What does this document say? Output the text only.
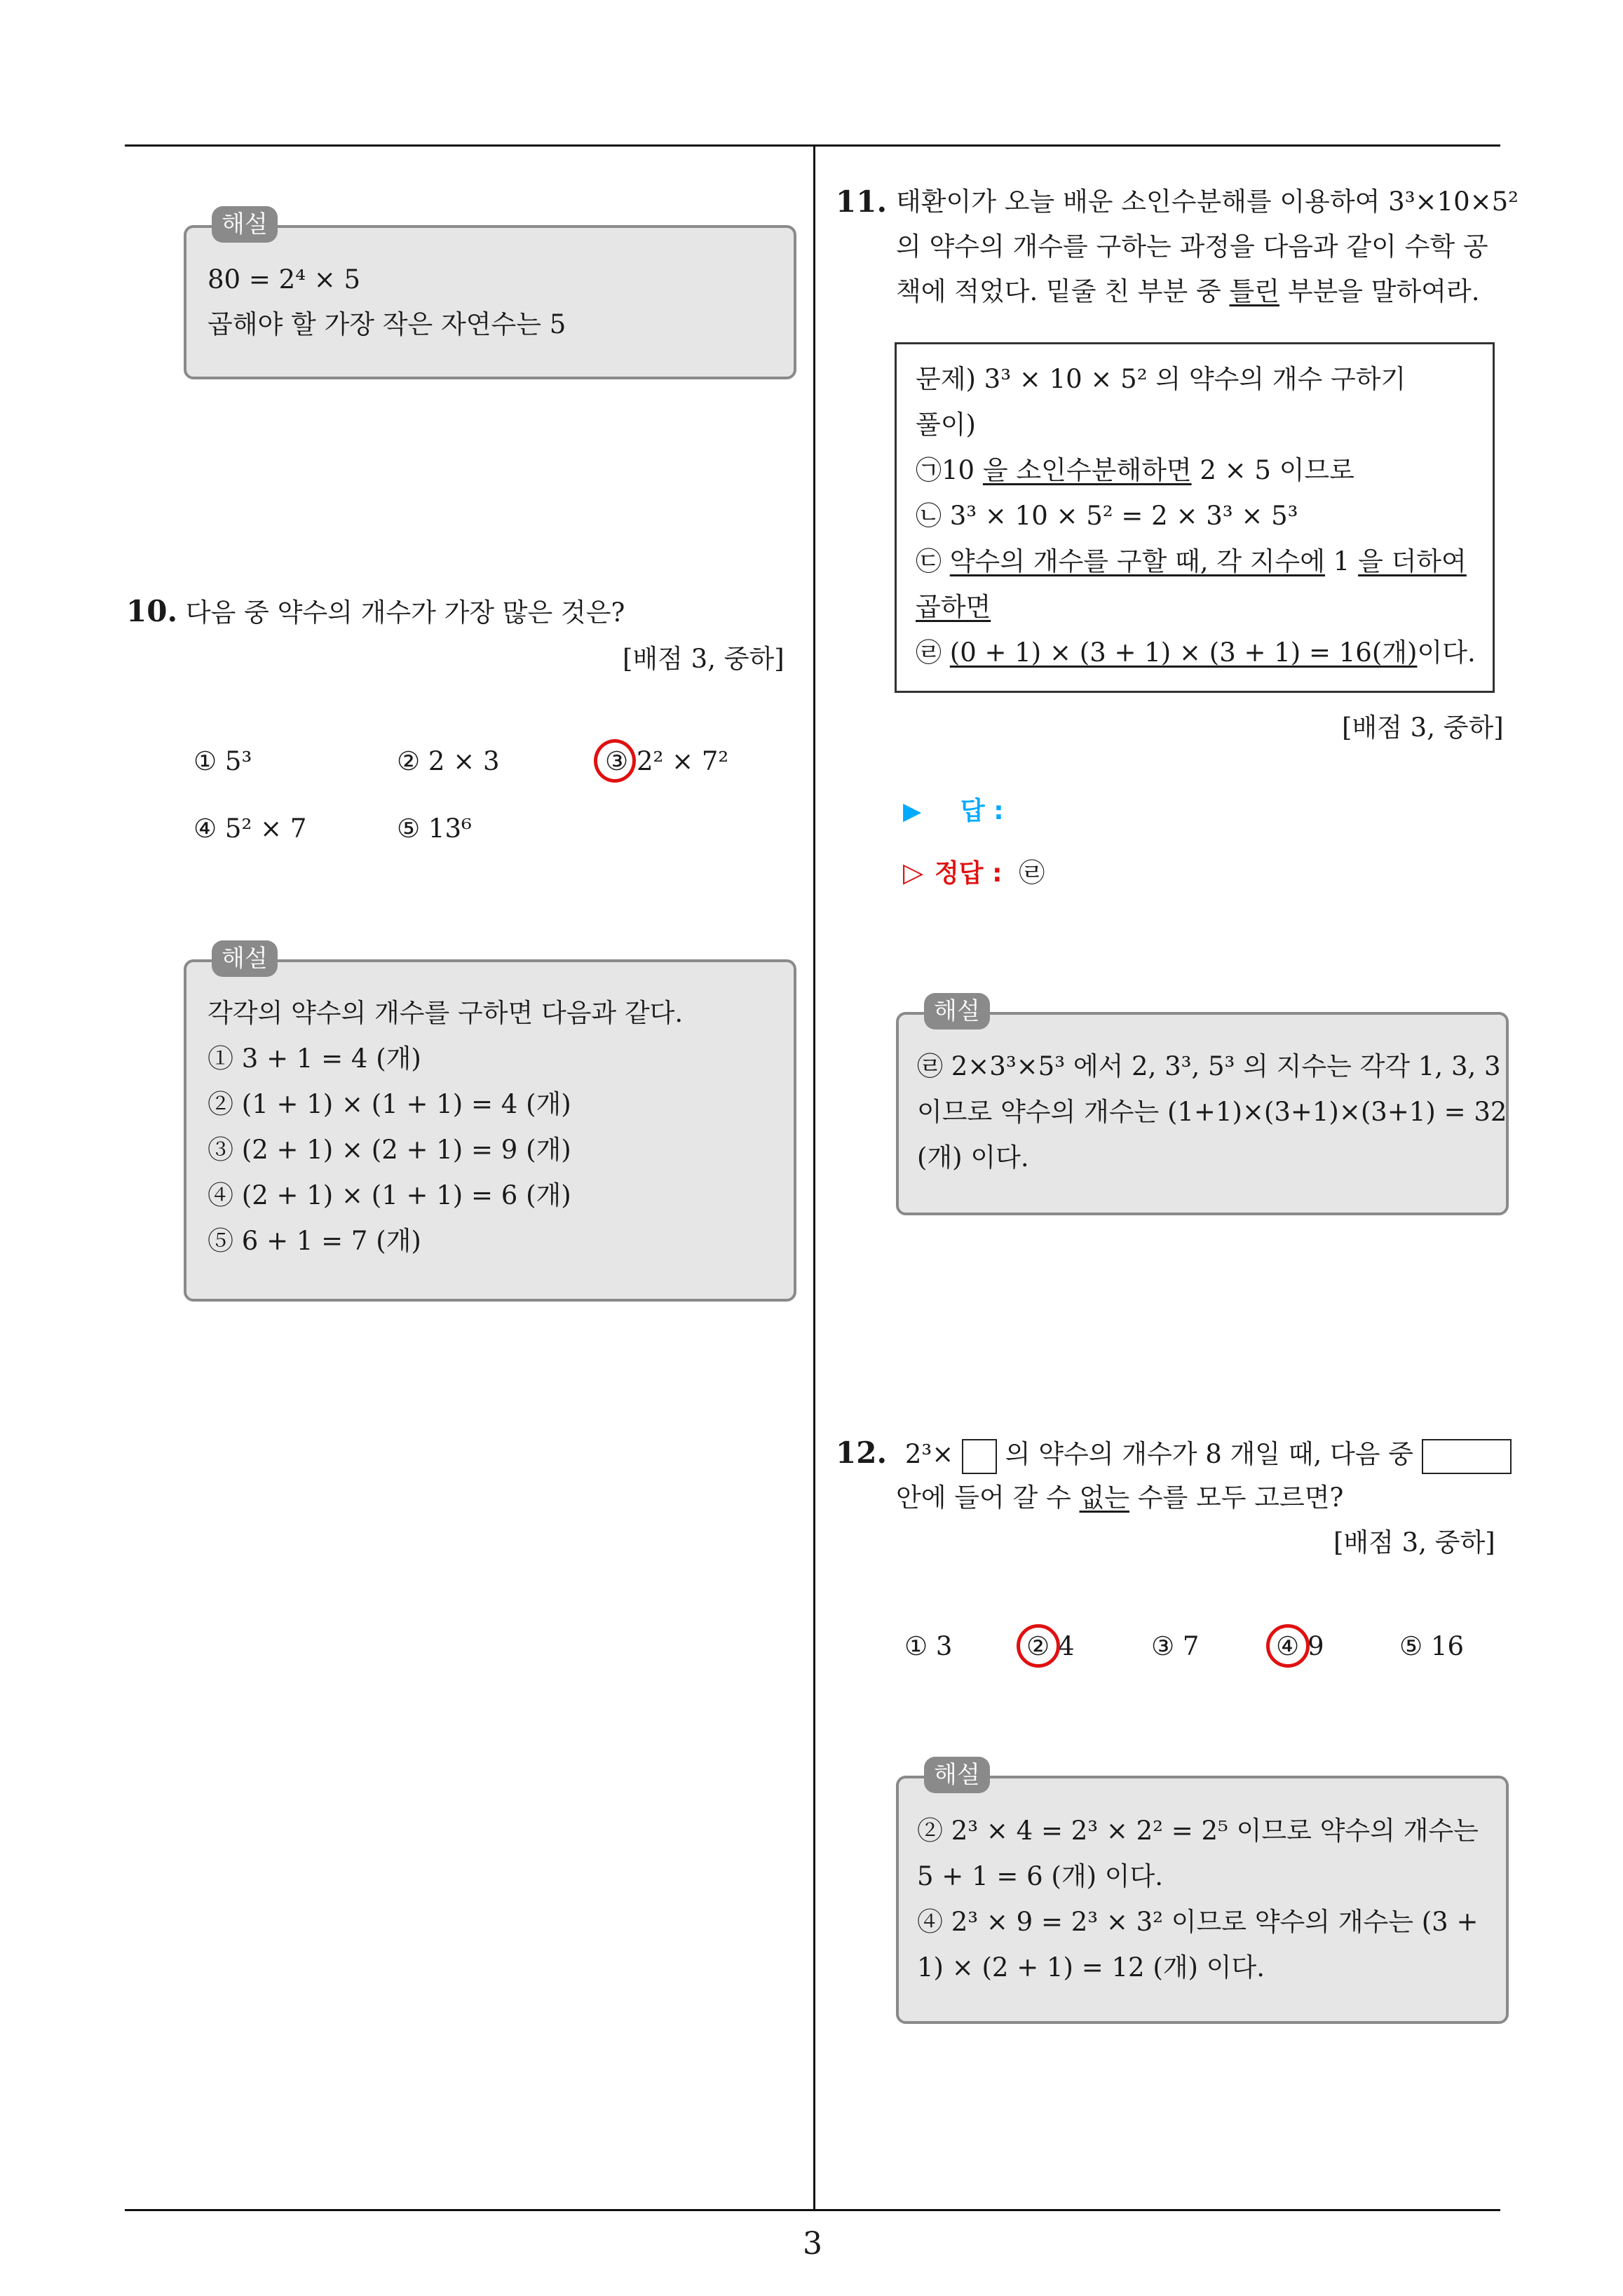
3
해설
80 = 2⁴ × 5
곱해야 할 가장 작은 자연수는 5
10. 다음 중 약수의 개수가 가장 많은 것은?
[배점 3, 중하]
① 5³	② 2 × 3	③ 2² × 7²
④ 5² × 7	⑤ 13⁶
해설
각각의 약수의 개수를 구하면 다음과 같다.
① 3 + 1 = 4 (개)
② (1 + 1) × (1 + 1) = 4 (개)
③ (2 + 1) × (2 + 1) = 9 (개)
④ (2 + 1) × (1 + 1) = 6 (개)
⑤ 6 + 1 = 7 (개)
11. 태환이가 오늘 배운 소인수분해를 이용하여 3³×10×5²
의 약수의 개수를 구하는 과정을 다음과 같이 수학 공
책에 적었다. 밑줄 친 부분 중 틀린 부분을 말하여라.
문제) 3³ × 10 × 5² 의 약수의 개수 구하기
풀이)
㉠10 을 소인수분해하면 2 × 5 이므로
㉡ 3³ × 10 × 5² = 2 × 3³ × 5³
㉢ 약수의 개수를 구할 때, 각 지수에 1 을 더하여
곱하면
㉣ (0 + 1) × (3 + 1) × (3 + 1) = 16(개)이다.
[배점 3, 중하]
▶ 답 :
▷ 정답 : ㉣
해설
㉣ 2×3³×5³ 에서 2, 3³, 5³ 의 지수는 각각 1, 3, 3
이므로 약수의 개수는 (1+1)×(3+1)×(3+1) = 32
(개) 이다.
12. 2³× 의 약수의 개수가 8 개일 때, 다음 중
안에 들어 갈 수 없는 수를 모두 고르면?
[배점 3, 중하]
① 3	② 4	③ 7	④ 9	⑤ 16
해설
② 2³ × 4 = 2³ × 2² = 2⁵ 이므로 약수의 개수는
5 + 1 = 6 (개) 이다.
④ 2³ × 9 = 2³ × 3² 이므로 약수의 개수는 (3 +
1) × (2 + 1) = 12 (개) 이다.
